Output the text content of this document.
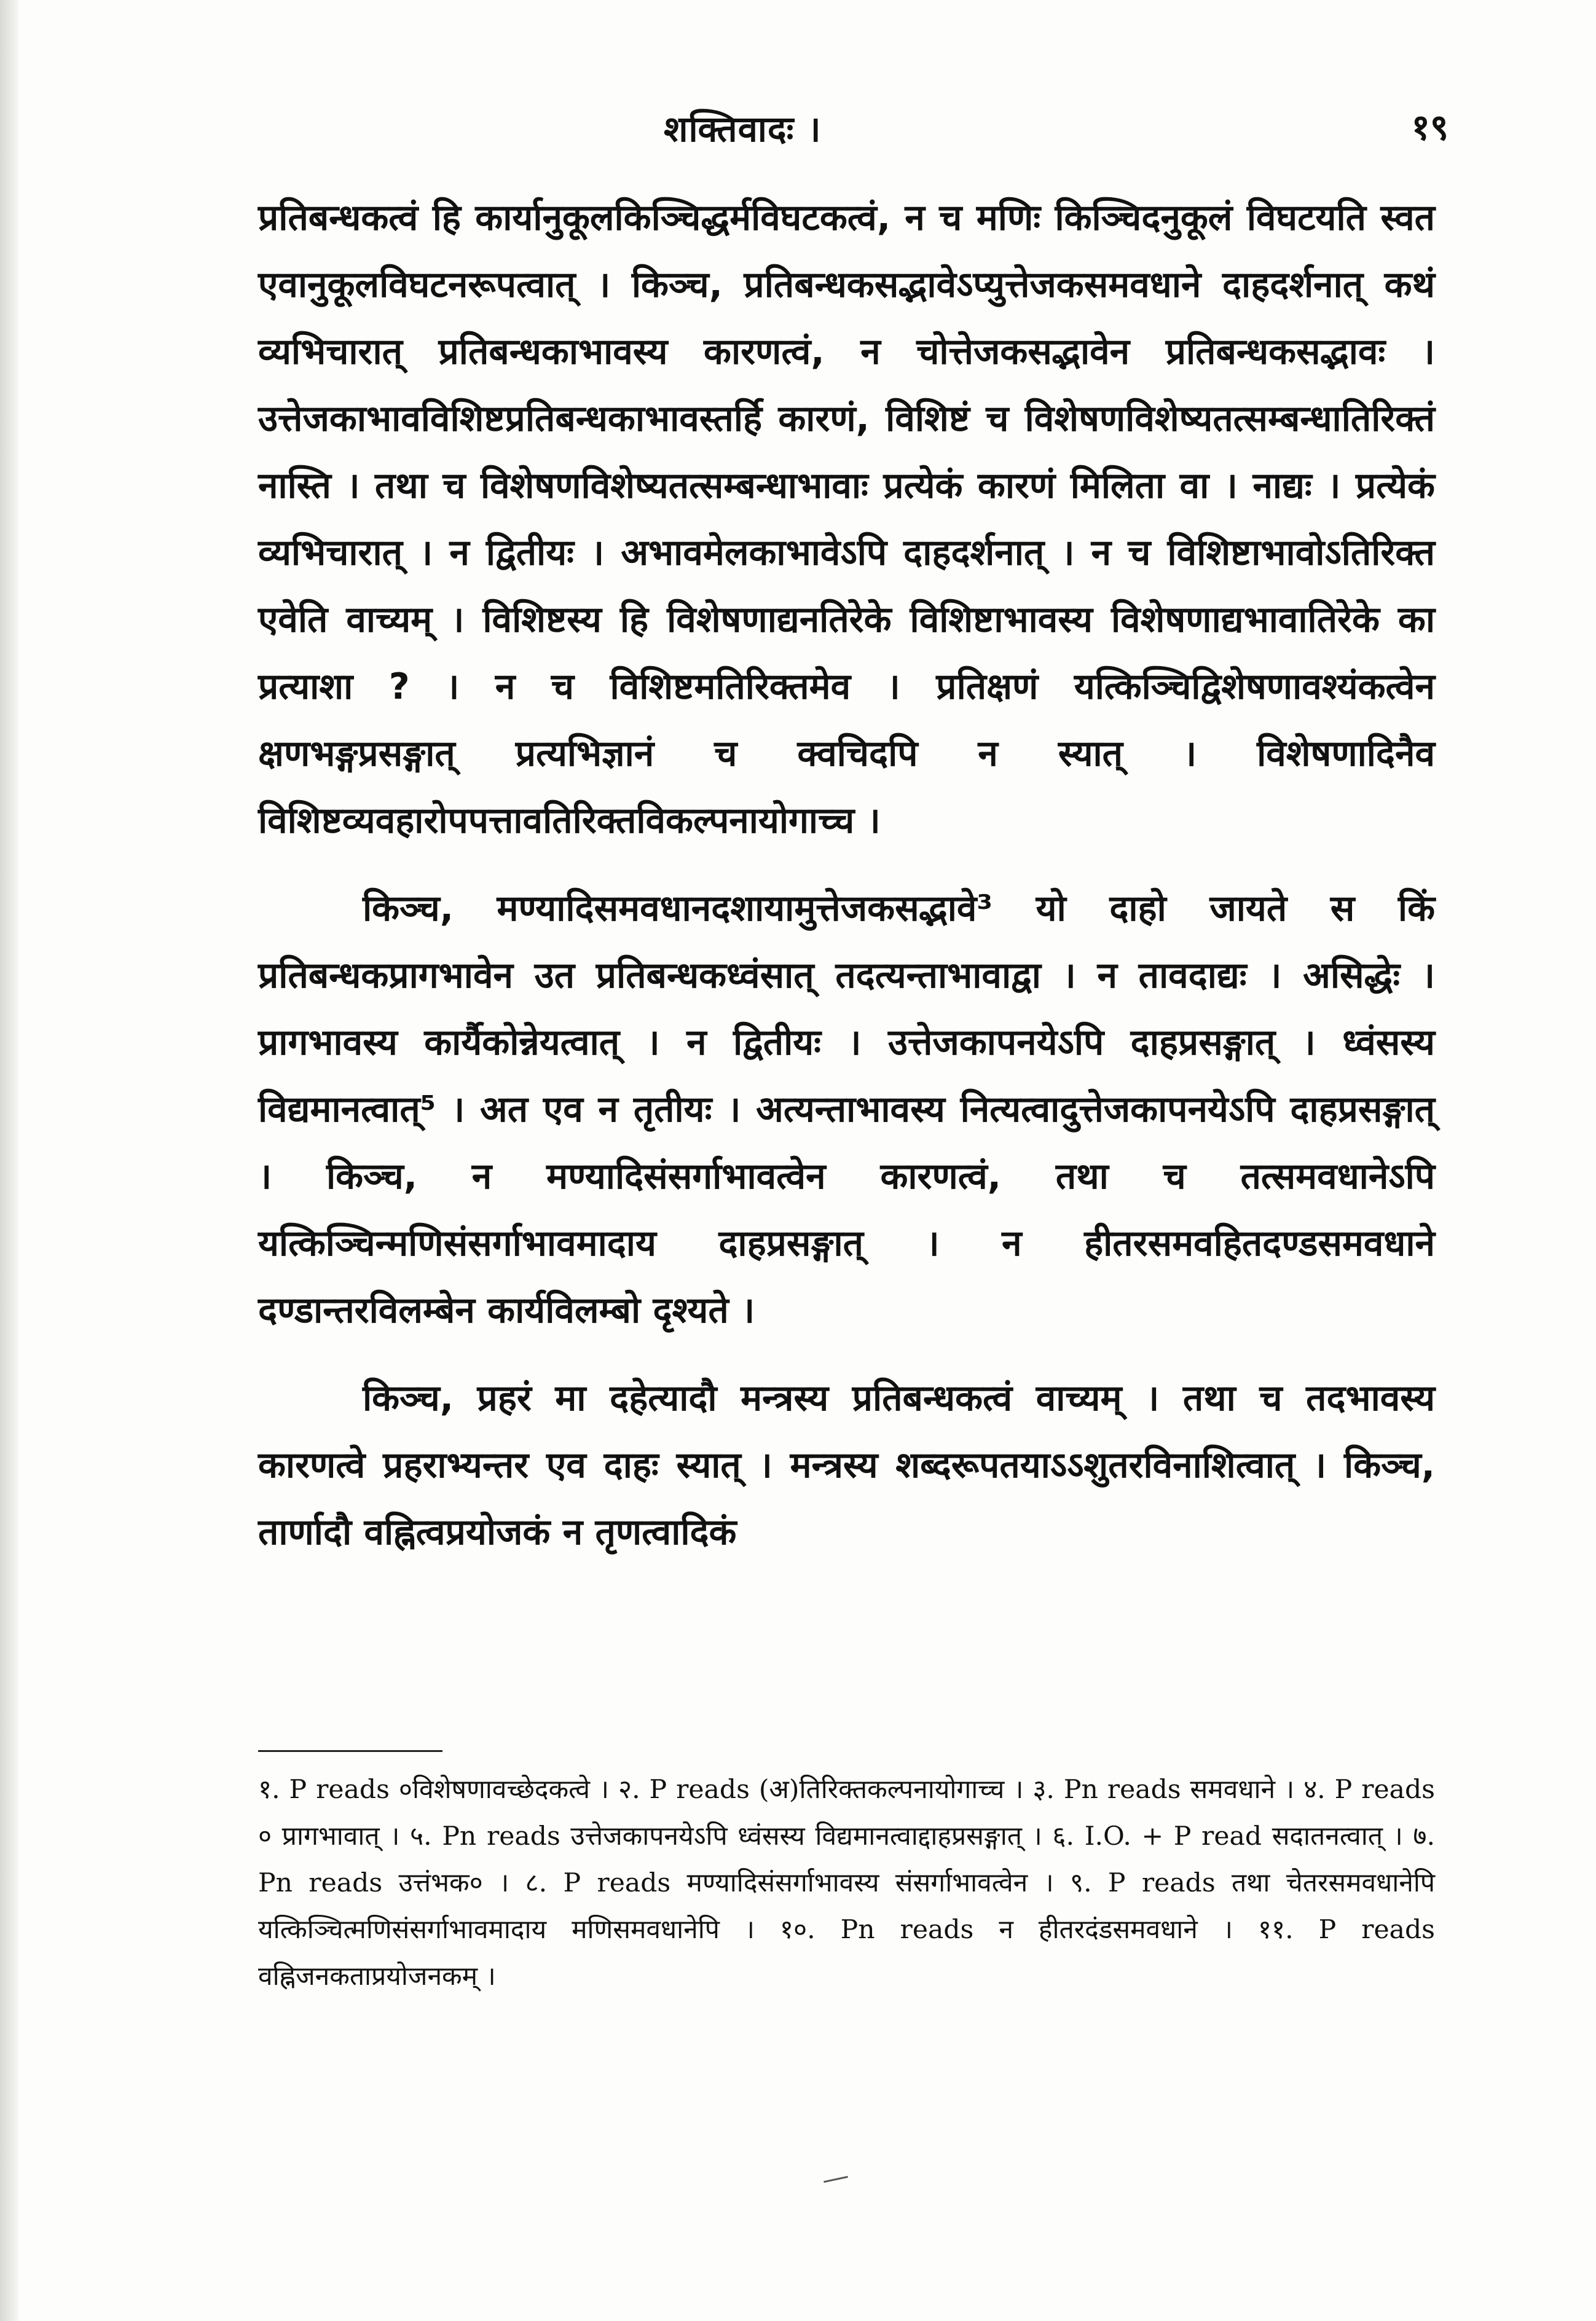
शक्तिवादः ।	१९

प्रतिबन्धकत्वं हि कार्यानुकूलकिञ्चिद्धर्मविघटकत्वं, न च मणिः किञ्चिदनुकूलं विघटयति स्वत एवानुकूलविघटनरूपत्वात् । किञ्च, प्रतिबन्धकसद्भावेऽप्युत्तेजकसमवधाने दाहदर्शनात् कथं व्यभिचारात् प्रतिबन्धकाभावस्य कारणत्वं, न चोत्तेजकसद्भावेन प्रतिबन्धकसद्भावः । उत्तेजकाभावविशिष्टप्रतिबन्धकाभावस्तर्हि कारणं, विशिष्टं च विशेषणविशेष्यतत्सम्बन्धातिरिक्तं नास्ति । तथा च विशेषणविशेष्यतत्सम्बन्धाभावाः प्रत्येकं कारणं मिलिता वा । नाद्यः । प्रत्येकं व्यभिचारात् । न द्वितीयः । अभावमेलकाभावेऽपि दाहदर्शनात् । न च विशिष्टाभावोऽतिरिक्त एवेति वाच्यम् । विशिष्टस्य हि विशेषणाद्यनतिरेके विशिष्टाभावस्य विशेषणाद्यभावातिरेके का प्रत्याशा ? । न च विशिष्टमतिरिक्तमेव । प्रतिक्षणं यत्किञ्चिद्विशेषणावश्यंकत्वेन क्षणभङ्गप्रसङ्गात् प्रत्यभिज्ञानं च क्वचिदपि न स्यात् । विशेषणादिनैव विशिष्टव्यवहारोपपत्तावतिरिक्तविकल्पनायोगाच्च ।

किञ्च, मण्यादिसमवधानदशायामुत्तेजकसद्भावे³ यो दाहो जायते स किं प्रतिबन्धकप्रागभावेन उत प्रतिबन्धकध्वंसात् तदत्यन्ताभावाद्वा । न तावदाद्यः । असिद्धेः । प्रागभावस्य कार्यैकोन्नेयत्वात् । न द्वितीयः । उत्तेजकापनयेऽपि दाहप्रसङ्गात् । ध्वंसस्य विद्यमानत्वात्⁵ । अत एव न तृतीयः । अत्यन्ताभावस्य नित्यत्वादुत्तेजकापनयेऽपि दाहप्रसङ्गात् । किञ्च, न मण्यादिसंसर्गाभावत्वेन कारणत्वं, तथा च तत्समवधानेऽपि यत्किञ्चिन्मणिसंसर्गाभावमादाय दाहप्रसङ्गात् । न हीतरसमवहितदण्डसमवधाने दण्डान्तरविलम्बेन कार्यविलम्बो दृश्यते ।

किञ्च, प्रहरं मा दहेत्यादौ मन्त्रस्य प्रतिबन्धकत्वं वाच्यम् । तथा च तदभावस्य कारणत्वे प्रहराभ्यन्तर एव दाहः स्यात् । मन्त्रस्य शब्दरूपतयाऽऽशुतरविनाशित्वात् । किञ्च, तार्णादौ वह्नित्वप्रयोजकं न तृणत्वादिकं

१. P reads ०विशेषणावच्छेदकत्वे । २. P reads (अ)तिरिक्तकल्पनायोगाच्च । ३. Pn reads समवधाने । ४. P reads ० प्रागभावात् । ५. Pn reads उत्तेजकापनयेऽपि ध्वंसस्य विद्यमानत्वाद्दाहप्रसङ्गात् । ६. I.O. + P read सदातनत्वात् । ७. Pn reads उत्तंभक० । ८. P reads मण्यादिसंसर्गाभावस्य संसर्गाभावत्वेन । ९. P reads तथा चेतरसमवधानेपि यत्किञ्चित्मणिसंसर्गाभावमादाय मणिसमवधानेपि । १०. Pn reads न हीतरदंडसमवधाने । ११. P reads वह्निजनकताप्रयोजनकम् ।
